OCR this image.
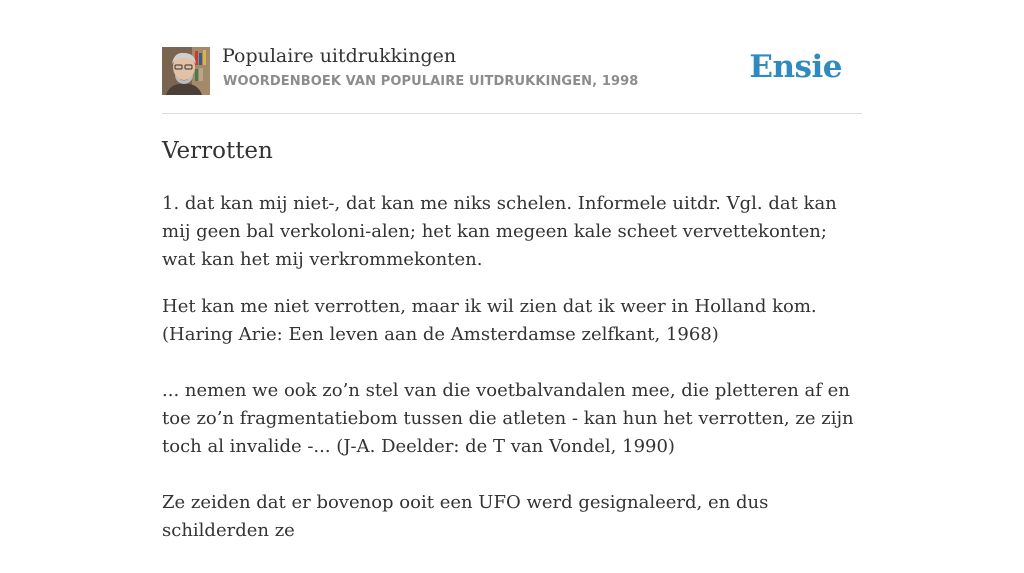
Populaire uitdrukkingen
WOORDENBOEK VAN POPULAIRE UITDRUKKINGEN, 1998	Ensie
Verrotten

1. dat kan mij niet-, dat kan me niks schelen. Informele uitdr. Vgl. dat kan mij geen bal verkoloni-alen; het kan megeen kale scheet vervettekonten; wat kan het mij verkrommekonten.

Het kan me niet verrotten, maar ik wil zien dat ik weer in Holland kom. (Haring Arie: Een leven aan de Amsterdamse zelfkant, 1968)

... nemen we ook zo’n stel van die voetbalvandalen mee, die pletteren af en toe zo’n fragmentatiebom tussen die atleten - kan hun het verrotten, ze zijn toch al invalide -... (J-A. Deelder: de T van Vondel, 1990)

Ze zeiden dat er bovenop ooit een UFO werd gesignaleerd, en dus schilderden ze
